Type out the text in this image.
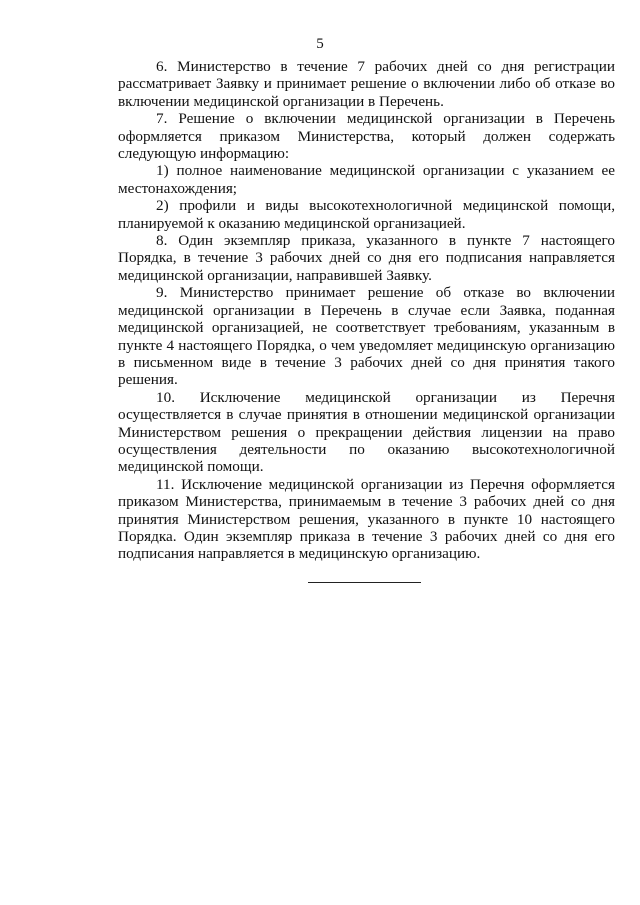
5

6. Министерство в течение 7 рабочих дней со дня регистрации рассматривает Заявку и принимает решение о включении либо об отказе во включении медицинской организации в Перечень.

7. Решение о включении медицинской организации в Перечень оформляется приказом Министерства, который должен содержать следующую информацию:

1) полное наименование медицинской организации с указанием ее местонахождения;

2) профили и виды высокотехнологичной медицинской помощи, планируемой к оказанию медицинской организацией.

8. Один экземпляр приказа, указанного в пункте 7 настоящего Порядка, в течение 3 рабочих дней со дня его подписания направляется медицинской организации, направившей Заявку.

9. Министерство принимает решение об отказе во включении медицинской организации в Перечень в случае если Заявка, поданная медицинской организацией, не соответствует требованиям, указанным в пункте 4 настоящего Порядка, о чем уведомляет медицинскую организацию в письменном виде в течение 3 рабочих дней со дня принятия такого решения.

10. Исключение медицинской организации из Перечня осуществляется в случае принятия в отношении медицинской организации Министерством решения о прекращении действия лицензии на право осуществления деятельности по оказанию высокотехнологичной медицинской помощи.

11. Исключение медицинской организации из Перечня оформляется приказом Министерства, принимаемым в течение 3 рабочих дней со дня принятия Министерством решения, указанного в пункте 10 настоящего Порядка. Один экземпляр приказа в течение 3 рабочих дней со дня его подписания направляется в медицинскую организацию.
